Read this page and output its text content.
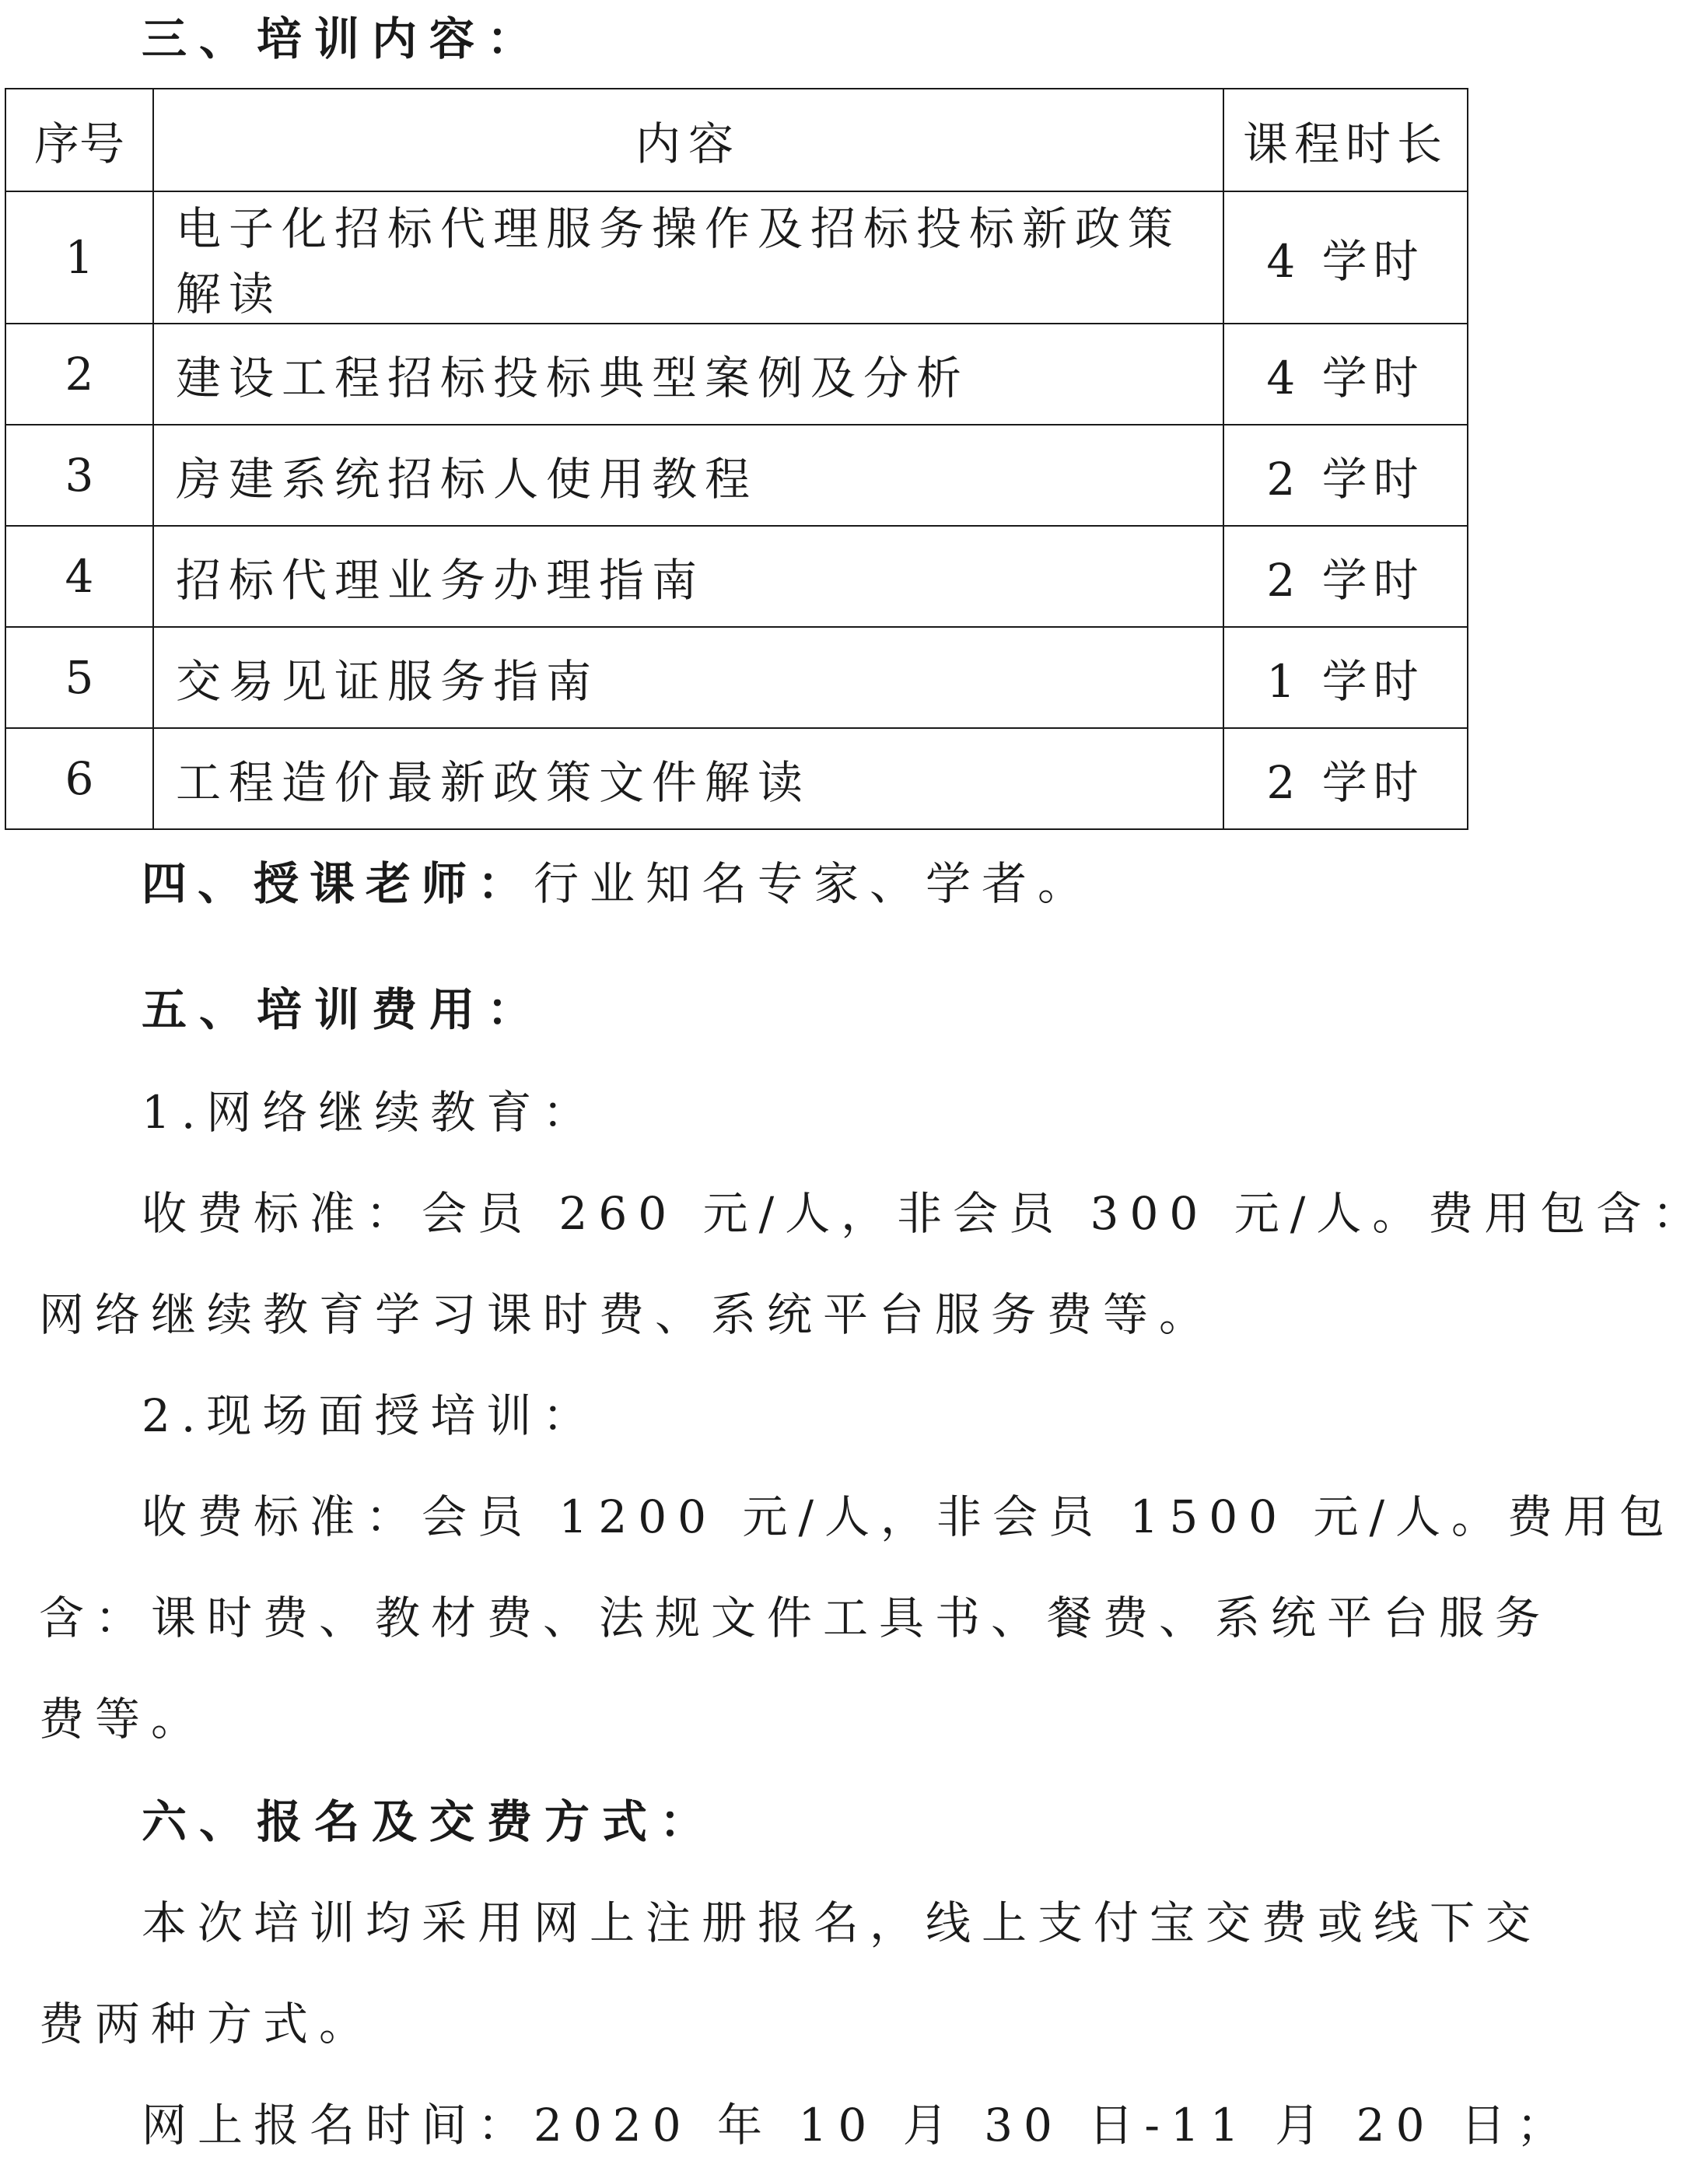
三、培训内容：
序号	内容	课程时长
1	电子化招标代理服务操作及招标投标新政策解读	4 学时
2	建设工程招标投标典型案例及分析	4 学时
3	房建系统招标人使用教程	2 学时
4	招标代理业务办理指南	2 学时
5	交易见证服务指南	1 学时
6	工程造价最新政策文件解读	2 学时
四、授课老师：行业知名专家、学者。
五、培训费用：
1.网络继续教育：
收费标准：会员 260 元/人，非会员 300 元/人。费用包含：
网络继续教育学习课时费、系统平台服务费等。
2.现场面授培训：
收费标准：会员 1200 元/人，非会员 1500 元/人。费用包
含：课时费、教材费、法规文件工具书、餐费、系统平台服务
费等。
六、报名及交费方式：
本次培训均采用网上注册报名，线上支付宝交费或线下交
费两种方式。
网上报名时间：2020 年 10 月 30 日-11 月 20 日；
